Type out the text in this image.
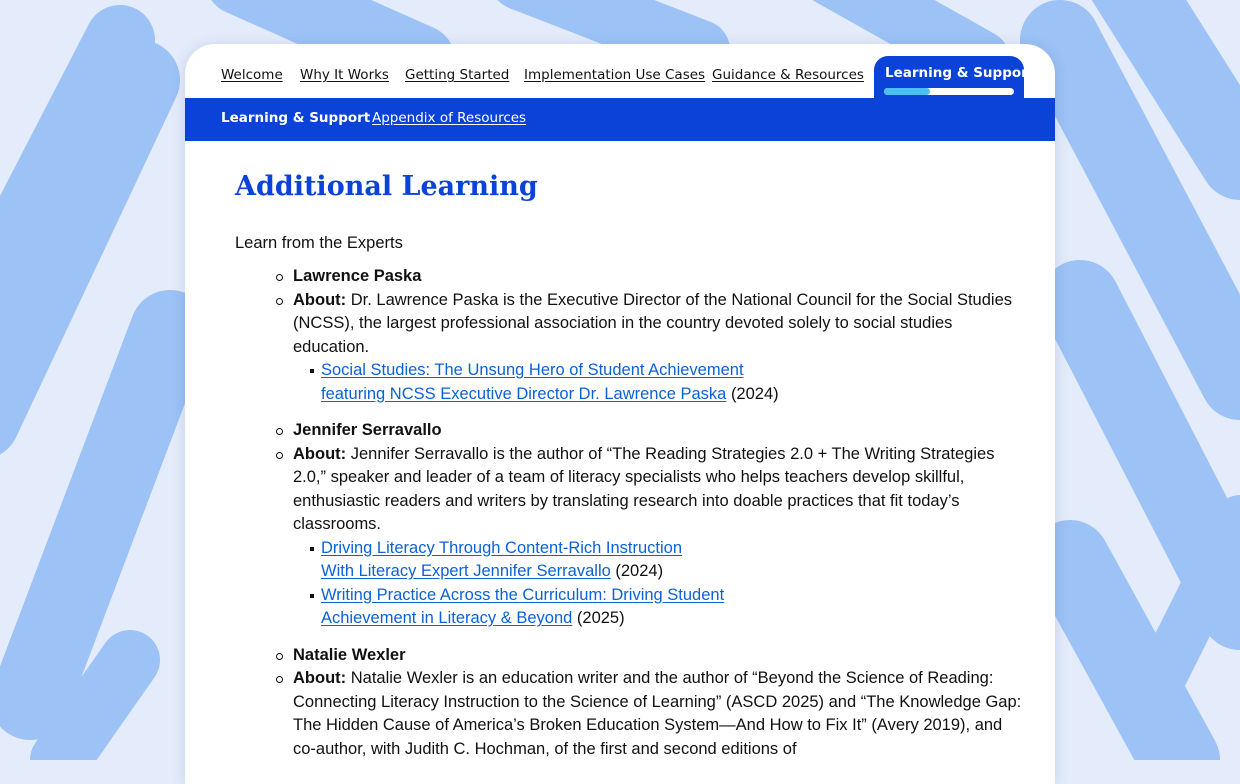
Welcome Why It Works Getting Started Implementation Use Cases Guidance & Resources Learning & Support
Learning & Support Appendix of Resources
Additional Learning
Learn from the Experts
Lawrence Paska
About: Dr. Lawrence Paska is the Executive Director of the National Council for the Social Studies (NCSS), the largest professional association in the country devoted solely to social studies education.
Social Studies: The Unsung Hero of Student Achievement
featuring NCSS Executive Director Dr. Lawrence Paska (2024)
Jennifer Serravallo
About: Jennifer Serravallo is the author of “The Reading Strategies 2.0 + The Writing Strategies 2.0,” speaker and leader of a team of literacy specialists who helps teachers develop skillful, enthusiastic readers and writers by translating research into doable practices that fit today’s classrooms.
Driving Literacy Through Content-Rich Instruction
With Literacy Expert Jennifer Serravallo (2024)
Writing Practice Across the Curriculum: Driving Student
Achievement in Literacy & Beyond (2025)
Natalie Wexler
About: Natalie Wexler is an education writer and the author of “Beyond the Science of Reading: Connecting Literacy Instruction to the Science of Learning” (ASCD 2025) and “The Knowledge Gap: The Hidden Cause of America’s Broken Education System—And How to Fix It” (Avery 2019), and co-author, with Judith C. Hochman, of the first and second editions of
